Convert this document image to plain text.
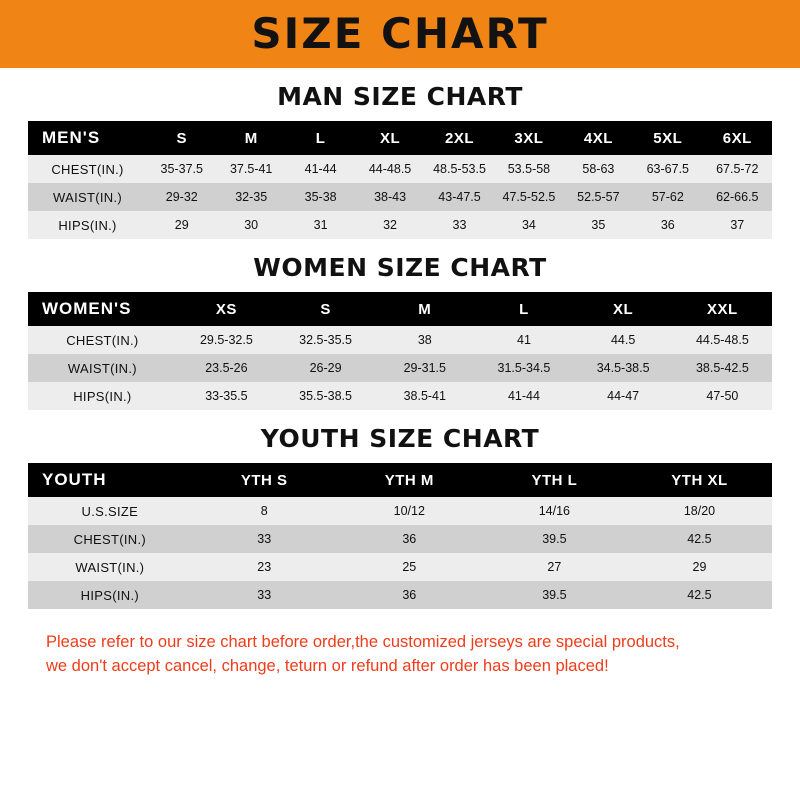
SIZE CHART
MAN SIZE CHART
MEN'S	S	M	L	XL	2XL	3XL	4XL	5XL	6XL
CHEST(IN.)	35-37.5	37.5-41	41-44	44-48.5	48.5-53.5	53.5-58	58-63	63-67.5	67.5-72
WAIST(IN.)	29-32	32-35	35-38	38-43	43-47.5	47.5-52.5	52.5-57	57-62	62-66.5
HIPS(IN.)	29	30	31	32	33	34	35	36	37
WOMEN SIZE CHART
WOMEN'S	XS	S	M	L	XL	XXL
CHEST(IN.)	29.5-32.5	32.5-35.5	38	41	44.5	44.5-48.5
WAIST(IN.)	23.5-26	26-29	29-31.5	31.5-34.5	34.5-38.5	38.5-42.5
HIPS(IN.)	33-35.5	35.5-38.5	38.5-41	41-44	44-47	47-50
YOUTH SIZE CHART
YOUTH	YTH S	YTH M	YTH L	YTH XL
U.S.SIZE	8	10/12	14/16	18/20
CHEST(IN.)	33	36	39.5	42.5
WAIST(IN.)	23	25	27	29
HIPS(IN.)	33	36	39.5	42.5

Please refer to our size chart before order,the customized jerseys are special products,
we don't accept cancel, change, teturn or refund after order has been placed!
